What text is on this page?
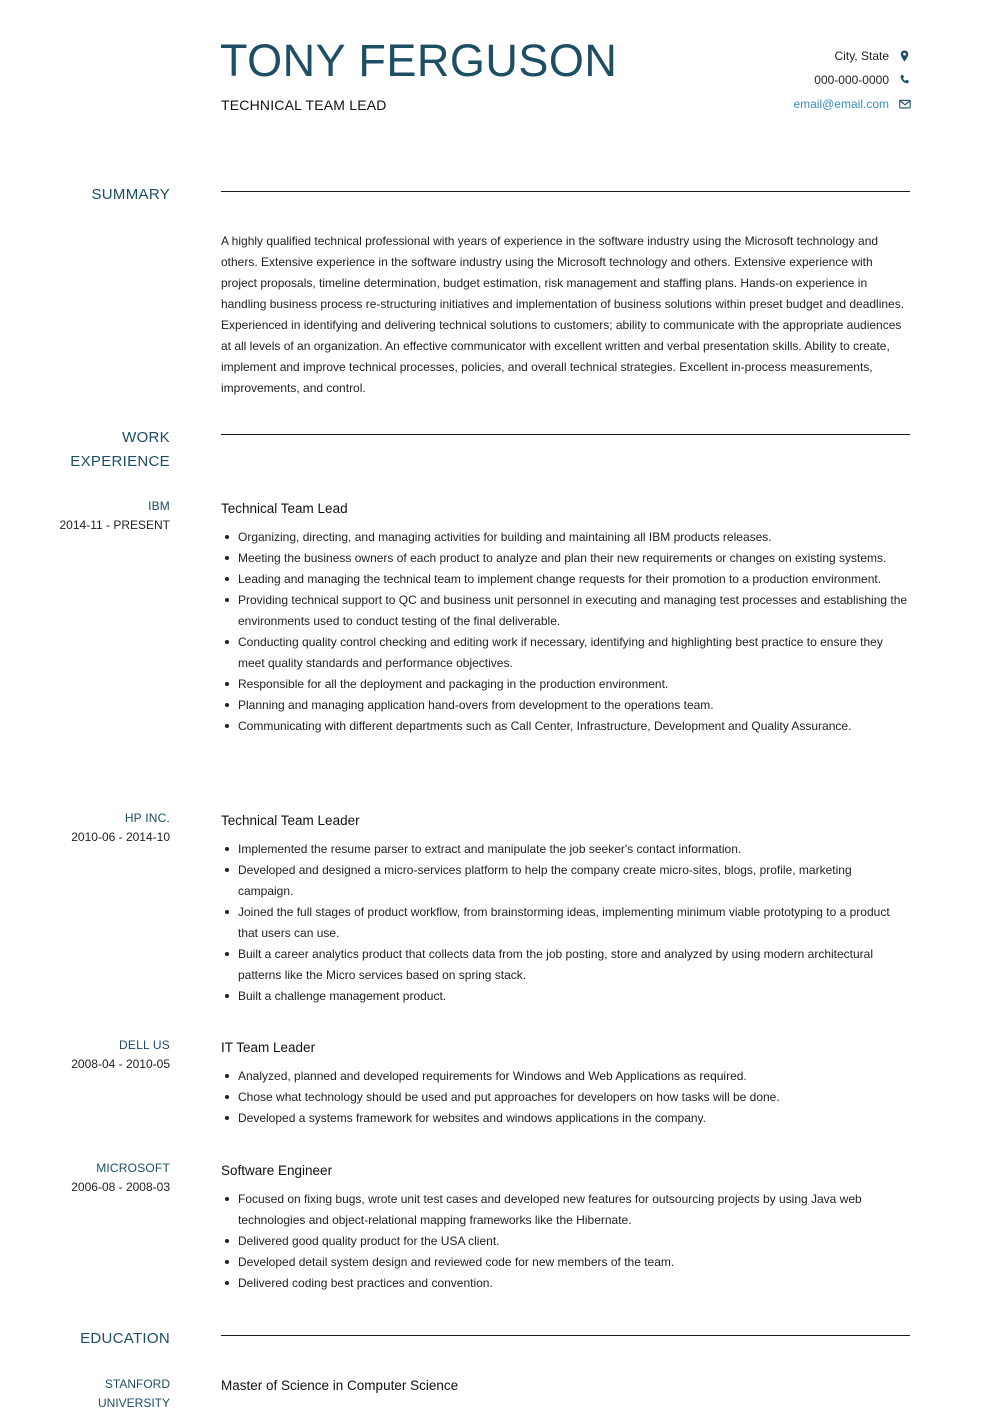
TONY FERGUSON
TECHNICAL TEAM LEAD
City, State
000-000-0000
email@email.com
SUMMARY

A highly qualified technical professional with years of experience in the software industry using the Microsoft technology and others. Extensive experience in the software industry using the Microsoft technology and others. Extensive experience with project proposals, timeline determination, budget estimation, risk management and staffing plans. Hands-on experience in handling business process re-structuring initiatives and implementation of business solutions within preset budget and deadlines. Experienced in identifying and delivering technical solutions to customers; ability to communicate with the appropriate audiences at all levels of an organization. An effective communicator with excellent written and verbal presentation skills. Ability to create, implement and improve technical processes, policies, and overall technical strategies. Excellent in-process measurements, improvements, and control.

WORK
EXPERIENCE
IBM
2014-11 - PRESENT
Technical Team Lead
Organizing, directing, and managing activities for building and maintaining all IBM products releases.
Meeting the business owners of each product to analyze and plan their new requirements or changes on existing systems.
Leading and managing the technical team to implement change requests for their promotion to a production environment.
Providing technical support to QC and business unit personnel in executing and managing test processes and establishing the environments used to conduct testing of the final deliverable.
Conducting quality control checking and editing work if necessary, identifying and highlighting best practice to ensure they meet quality standards and performance objectives.
Responsible for all the deployment and packaging in the production environment.
Planning and managing application hand-overs from development to the operations team.
Communicating with different departments such as Call Center, Infrastructure, Development and Quality Assurance.
HP INC.
2010-06 - 2014-10
Technical Team Leader
Implemented the resume parser to extract and manipulate the job seeker's contact information.
Developed and designed a micro-services platform to help the company create micro-sites, blogs, profile, marketing campaign.
Joined the full stages of product workflow, from brainstorming ideas, implementing minimum viable prototyping to a product that users can use.
Built a career analytics product that collects data from the job posting, store and analyzed by using modern architectural patterns like the Micro services based on spring stack.
Built a challenge management product.
DELL US
2008-04 - 2010-05
IT Team Leader
Analyzed, planned and developed requirements for Windows and Web Applications as required.
Chose what technology should be used and put approaches for developers on how tasks will be done.
Developed a systems framework for websites and windows applications in the company.
MICROSOFT
2006-08 - 2008-03
Software Engineer
Focused on fixing bugs, wrote unit test cases and developed new features for outsourcing projects by using Java web technologies and object-relational mapping frameworks like the Hibernate.
Delivered good quality product for the USA client.
Developed detail system design and reviewed code for new members of the team.
Delivered coding best practices and convention.
EDUCATION
STANFORD
UNIVERSITY
Master of Science in Computer Science
